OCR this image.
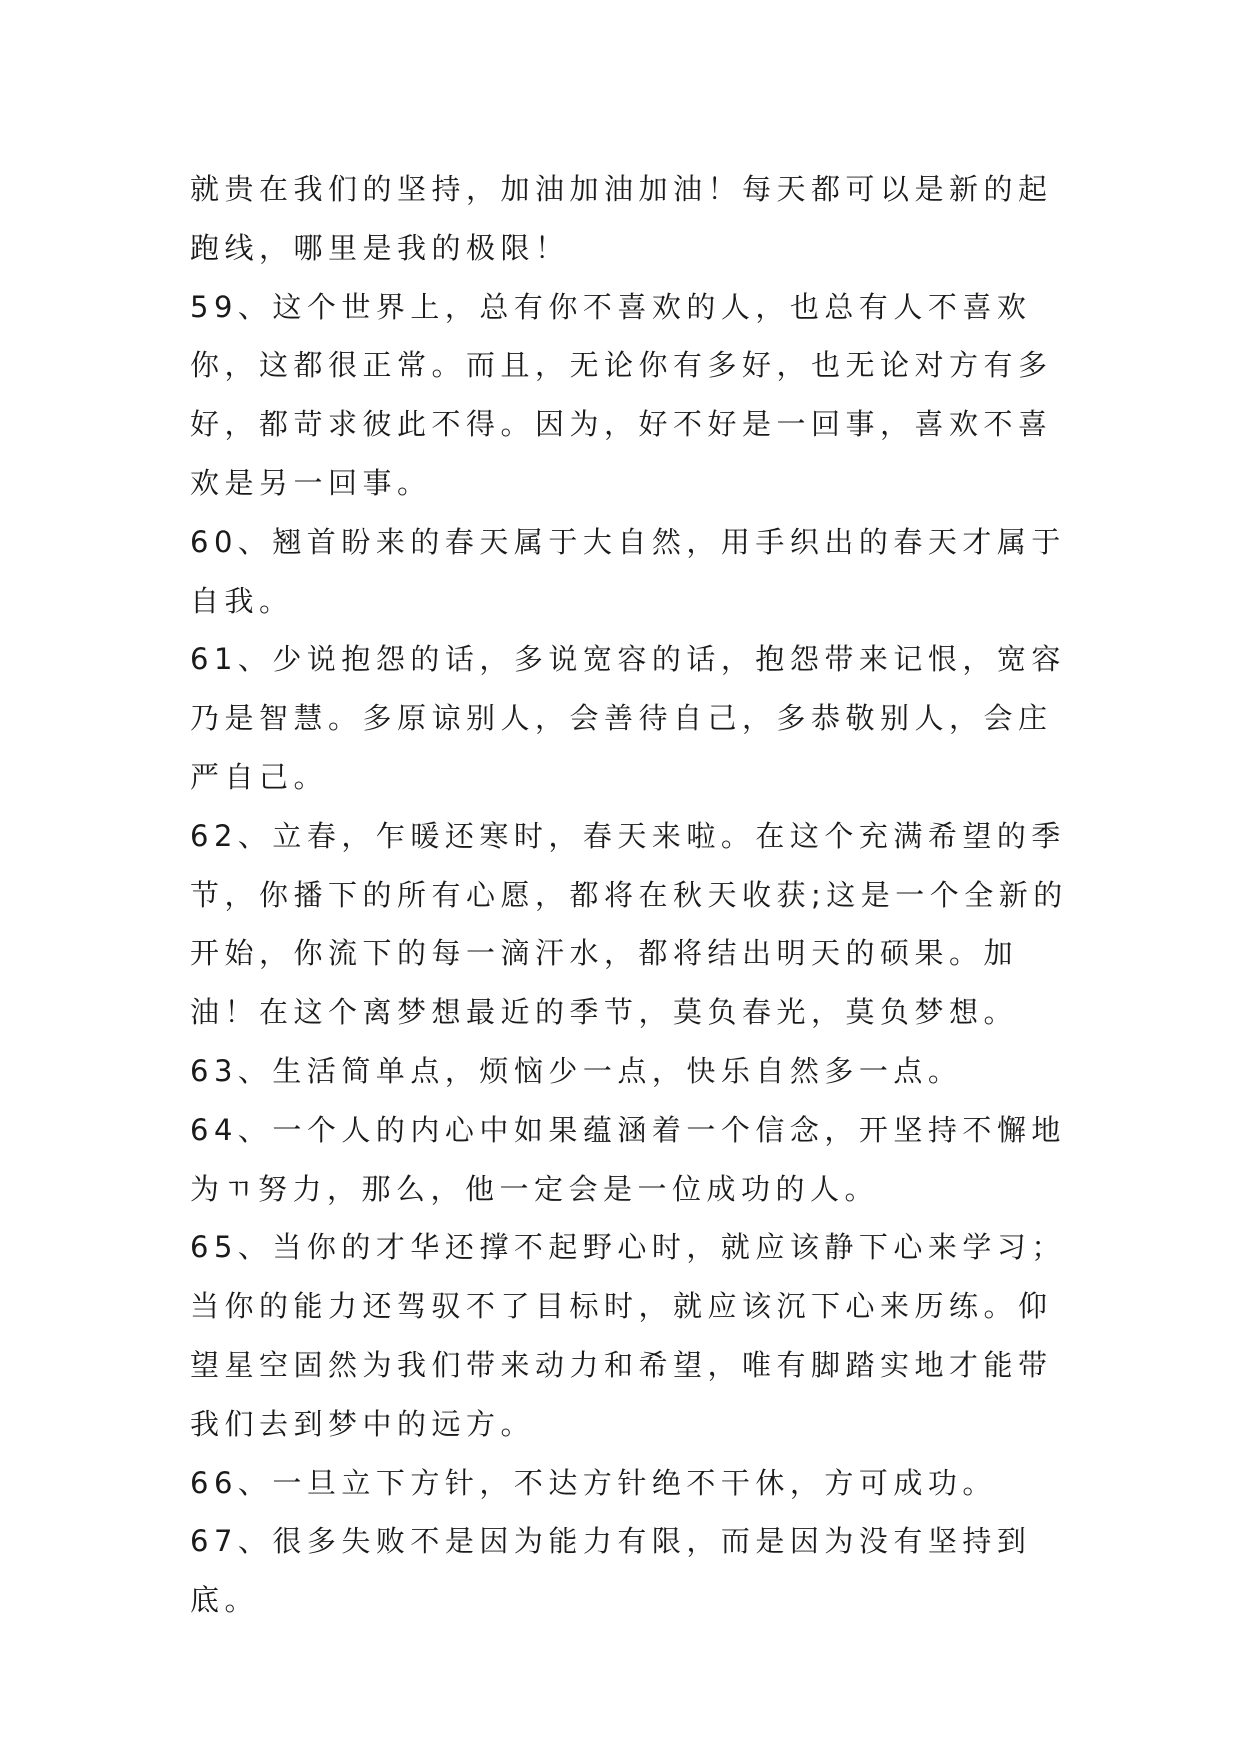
就贵在我们的坚持，加油加油加油！每天都可以是新的起跑线，哪里是我的极限！

59、这个世界上，总有你不喜欢的人，也总有人不喜欢你，这都很正常。而且，无论你有多好，也无论对方有多好，都苛求彼此不得。因为，好不好是一回事，喜欢不喜欢是另一回事。

60、翘首盼来的春天属于大自然，用手织出的春天才属于自我。

61、少说抱怨的话，多说宽容的话，抱怨带来记恨，宽容乃是智慧。多原谅别人，会善待自己，多恭敬别人，会庄严自己。

62、立春，乍暖还寒时，春天来啦。在这个充满希望的季节，你播下的所有心愿，都将在秋天收获;这是一个全新的开始，你流下的每一滴汗水，都将结出明天的硕果。加油！在这个离梦想最近的季节，莫负春光，莫负梦想。

63、生活简单点，烦恼少一点，快乐自然多一点。

64、一个人的内心中如果蕴涵着一个信念，开坚持不懈地为ㄲ努力，那么，他一定会是一位成功的人。

65、当你的才华还撑不起野心时，就应该静下心来学习；当你的能力还驾驭不了目标时，就应该沉下心来历练。仰望星空固然为我们带来动力和希望，唯有脚踏实地才能带我们去到梦中的远方。

66、一旦立下方针，不达方针绝不干休，方可成功。

67、很多失败不是因为能力有限，而是因为没有坚持到底。
